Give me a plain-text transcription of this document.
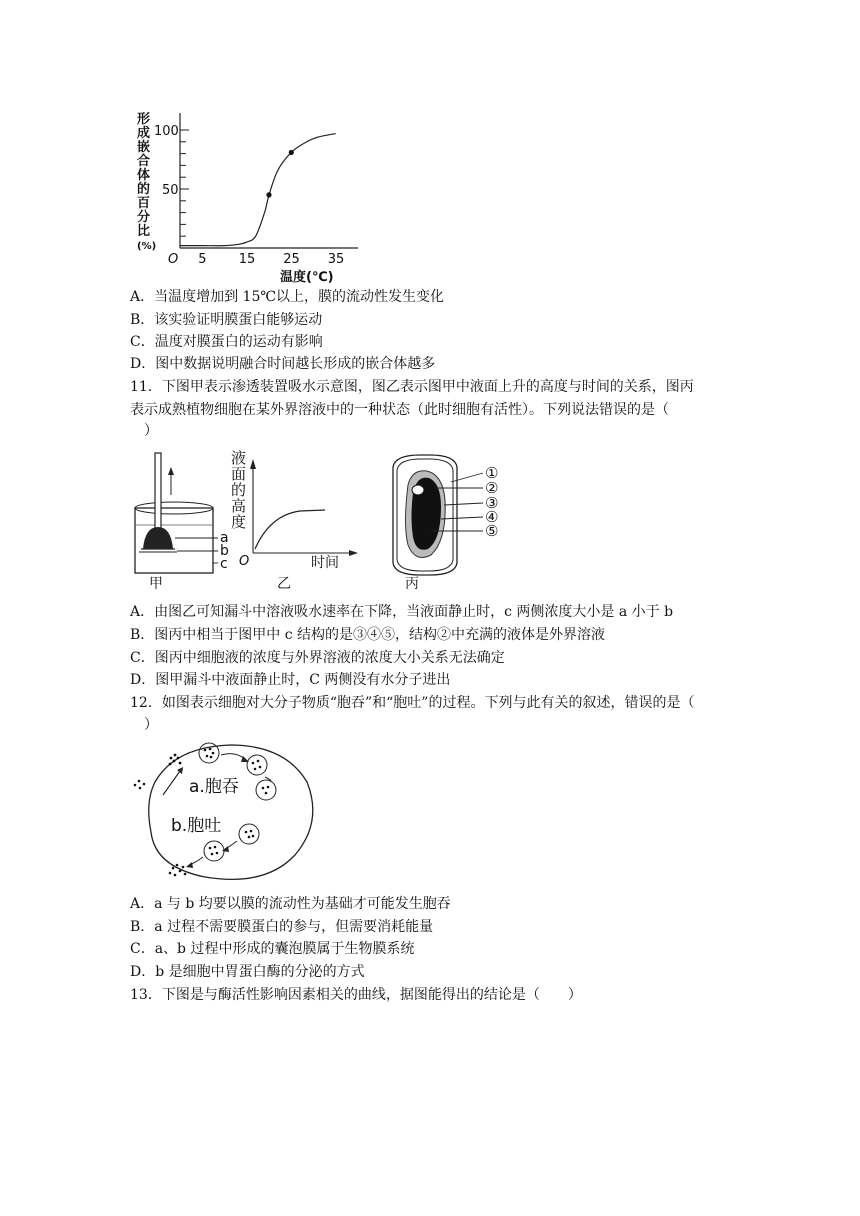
形
成
嵌
合
体
的
百
分
比
(%)
5 15 25 35
50
100
O
温度(℃)
A．当温度增加到 15℃以上，膜的流动性发生变化
B．该实验证明膜蛋白能够运动
C．温度对膜蛋白的运动有影响
D．图中数据说明融合时间越长形成的嵌合体越多
11．下图甲表示渗透装置吸水示意图，图乙表示图甲中液面上升的高度与时间的关系，图丙
表示成熟植物细胞在某外界溶液中的一种状态（此时细胞有活性）。下列说法错误的是（
　）
a
b
c
甲
液
面
的
高
度
O	时间
乙
①
②
③
④
⑤
丙
A．由图乙可知漏斗中溶液吸水速率在下降，当液面静止时，c 两侧浓度大小是 a 小于 b
B．图丙中相当于图甲中 c 结构的是③④⑤，结构②中充满的液体是外界溶液
C．图丙中细胞液的浓度与外界溶液的浓度大小关系无法确定
D．图甲漏斗中液面静止时，C 两侧没有水分子进出
12．如图表示细胞对大分子物质“胞吞”和“胞吐”的过程。下列与此有关的叙述，错误的是（
　）
a.胞吞
b.胞吐
A．a 与 b 均要以膜的流动性为基础才可能发生胞吞
B．a 过程不需要膜蛋白的参与，但需要消耗能量
C．a、b 过程中形成的囊泡膜属于生物膜系统
D．b 是细胞中胃蛋白酶的分泌的方式
13．下图是与酶活性影响因素相关的曲线，据图能得出的结论是（　　）
